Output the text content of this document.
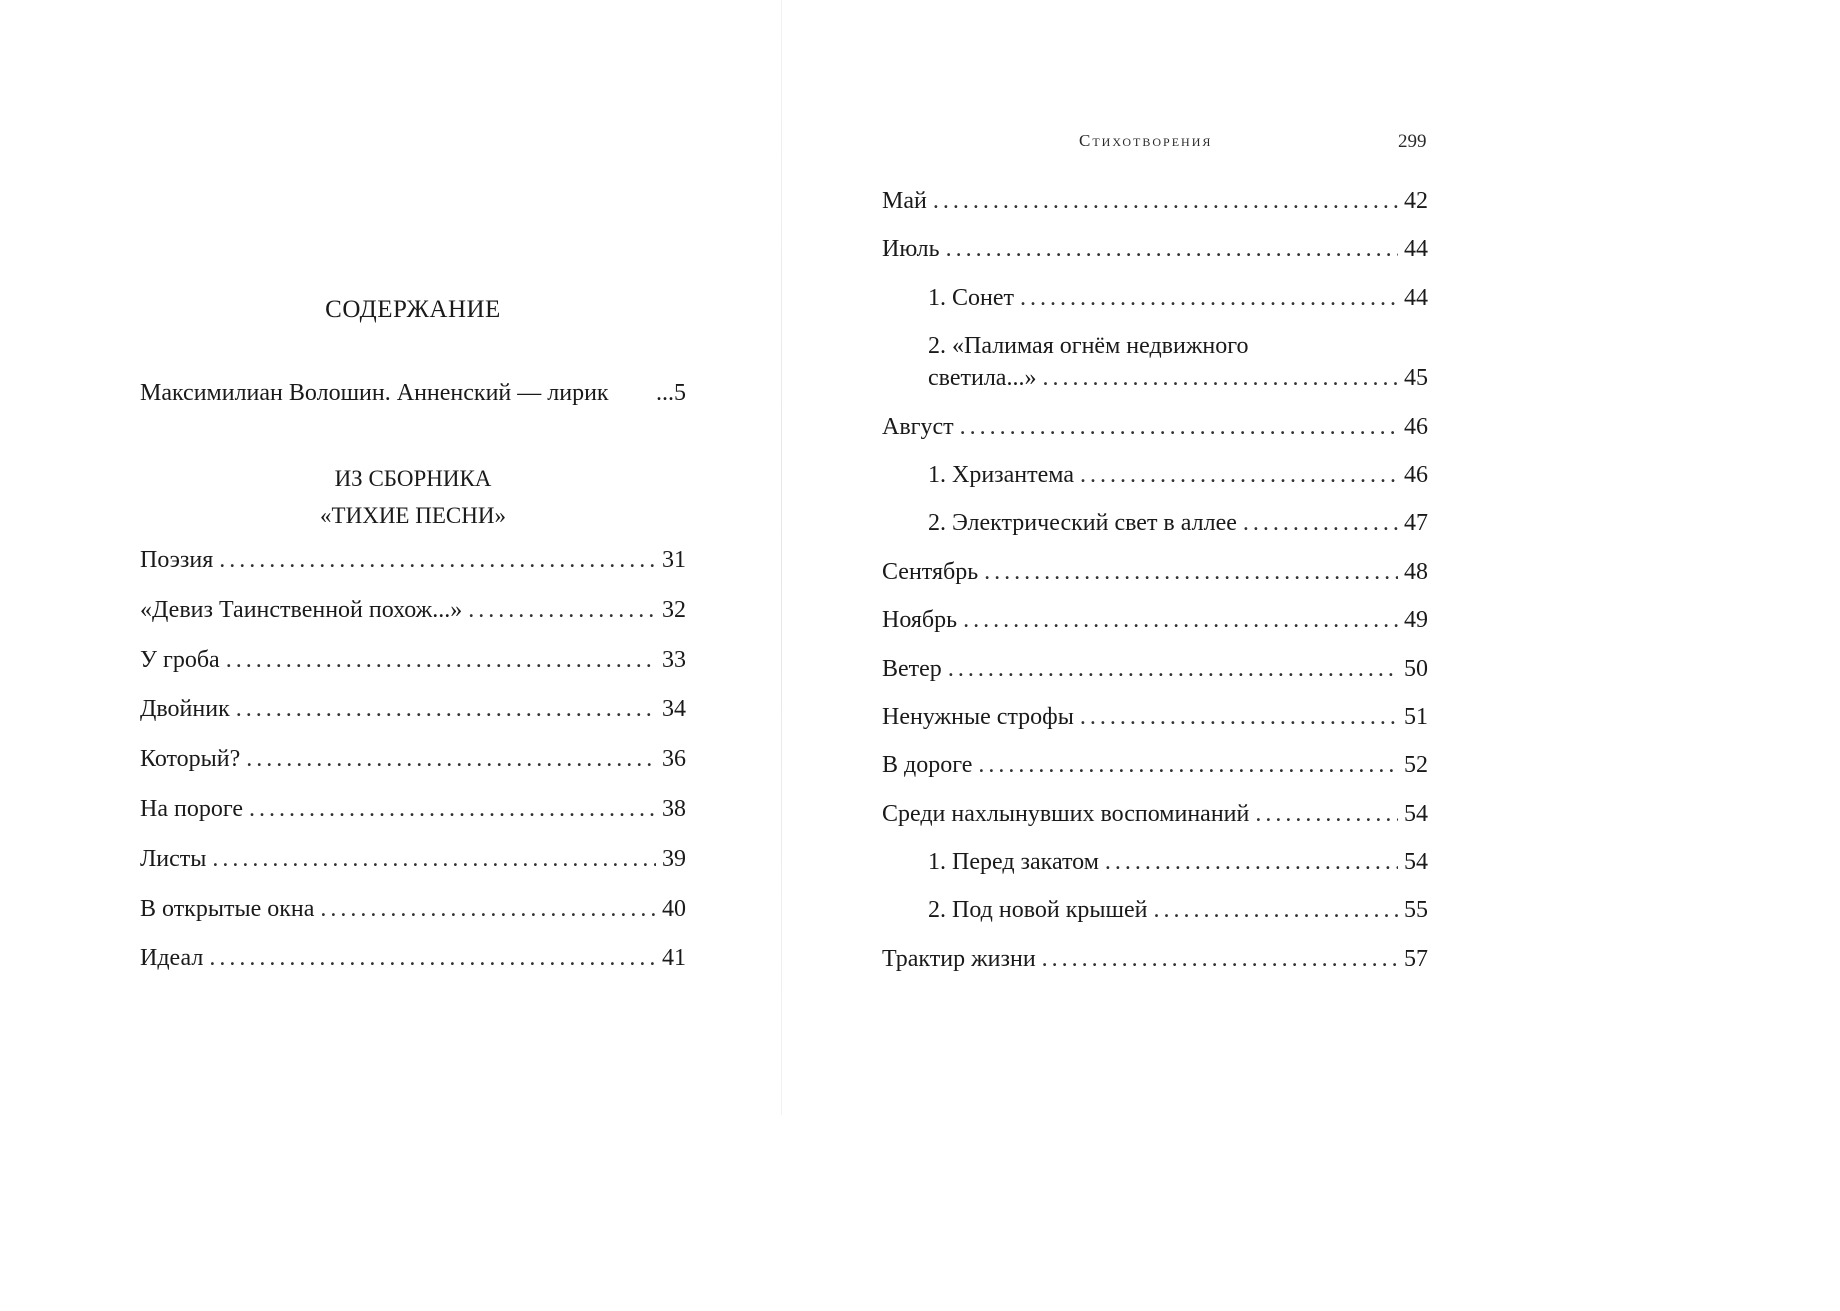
СОДЕРЖАНИЕ
Максимилиан Волошин. Анненский — лирик ...5
ИЗ СБОРНИКА
«ТИХИЕ ПЕСНИ»
Поэзия . . .	31
«Девиз Таинственной похож...» . . .	32
У гроба . . .	33
Двойник . . .	34
Который? . . .	36
На пороге . . .	38
Листы . . .	39
В открытые окна . . .	40
Идеал . . .	41
Стихотворения	299
Май . . .	42
Июль . . .	44
1. Сонет . . .	44
2. «Палимая огнём недвижного
светила...» . . .	45
Август . . .	46
1. Хризантема . . .	46
2. Электрический свет в аллее . . .	47
Сентябрь . . .	48
Ноябрь . . .	49
Ветер . . .	50
Ненужные строфы . . .	51
В дороге . . .	52
Среди нахлынувших воспоминаний . . .	54
1. Перед закатом . . .	54
2. Под новой крышей . . .	55
Трактир жизни . . .	57
